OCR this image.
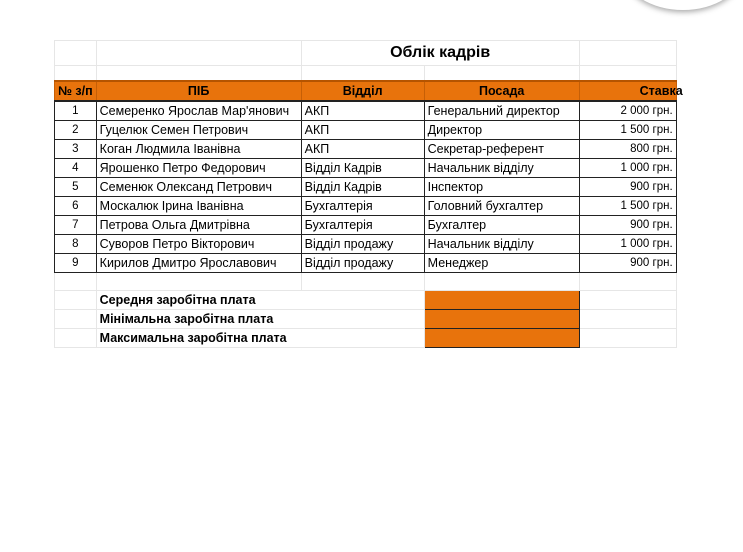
		Облік кадрів		

№ з/п	ПІБ	Відділ	Посада	Ставка
1	Семеренко Ярослав Мар'янович	АКП	Генеральний директор	2 000 грн.
2	Гуцелюк Семен Петрович	АКП	Директор	1 500 грн.
3	Коган Людмила Іванівна	АКП	Секретар-референт	800 грн.
4	Ярошенко Петро Федорович	Відділ Кадрів	Начальник відділу	1 000 грн.
5	Семенюк Олександ Петрович	Відділ Кадрів	Інспектор	900 грн.
6	Москалюк Ірина Іванівна	Бухгалтерія	Головний бухгалтер	1 500 грн.
7	Петрова Ольга Дмитрівна	Бухгалтерія	Бухгалтер	900 грн.
8	Суворов Петро Вікторович	Відділ продажу	Начальник відділу	1 000 грн.
9	Кирилов Дмитро Ярославович	Відділ продажу	Менеджер	900 грн.

	Середня заробітна плата			
	Мінімальна заробітна плата			
	Максимальна заробітна плата			
